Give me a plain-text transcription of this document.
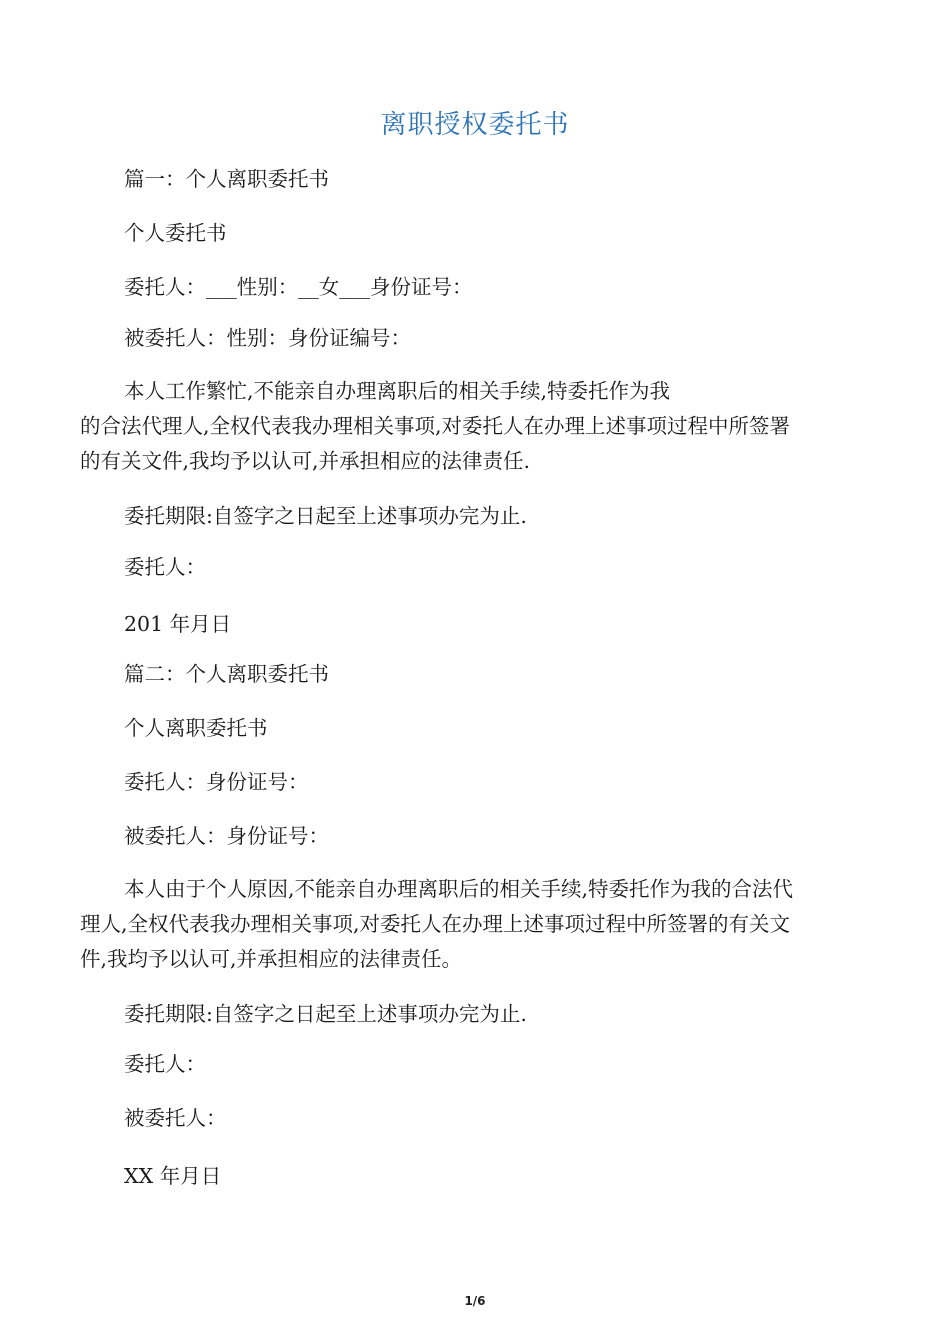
离职授权委托书
篇一：个人离职委托书
个人委托书
委托人：___性别：__女___身份证号：
被委托人：性别：身份证编号：
本人工作繁忙,不能亲自办理离职后的相关手续,特委托作为我
的合法代理人,全权代表我办理相关事项,对委托人在办理上述事项过程中所签署
的有关文件,我均予以认可,并承担相应的法律责任.
委托期限:自签字之日起至上述事项办完为止.
委托人：
201 年月日
篇二：个人离职委托书
个人离职委托书
委托人：身份证号：
被委托人：身份证号：
本人由于个人原因,不能亲自办理离职后的相关手续,特委托作为我的合法代
理人,全权代表我办理相关事项,对委托人在办理上述事项过程中所签署的有关文
件,我均予以认可,并承担相应的法律责任。
委托期限:自签字之日起至上述事项办完为止.
委托人：
被委托人：
XX 年月日
1/6
